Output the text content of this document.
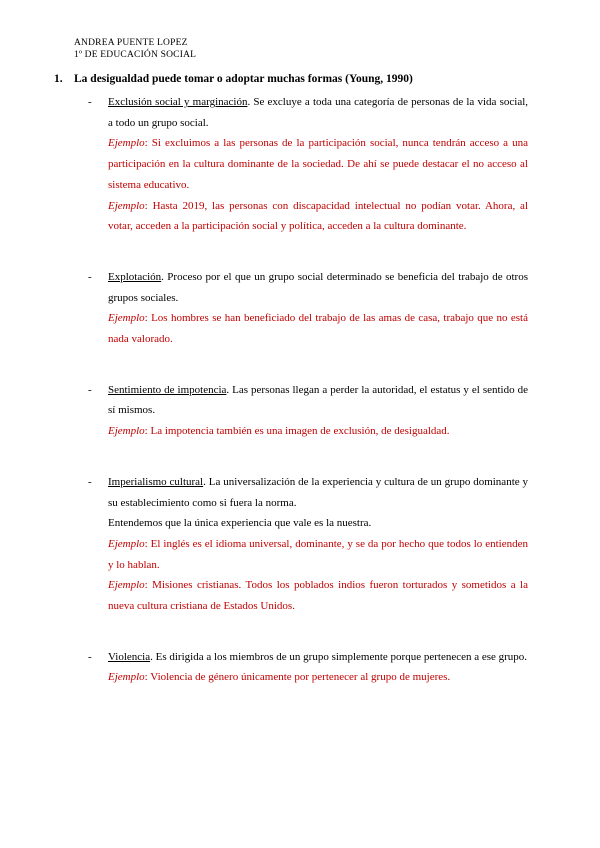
ANDREA PUENTE LOPEZ
1º DE EDUCACIÓN SOCIAL
1. La desigualdad puede tomar o adoptar muchas formas (Young, 1990)
- Exclusión social y marginación. Se excluye a toda una categoría de personas de la vida social, a todo un grupo social.

Ejemplo: Si excluimos a las personas de la participación social, nunca tendrán acceso a una participación en la cultura dominante de la sociedad. De ahí se puede destacar el no acceso al sistema educativo.

Ejemplo: Hasta 2019, las personas con discapacidad intelectual no podían votar. Ahora, al votar, acceden a la participación social y política, acceden a la cultura dominante.

- Explotación. Proceso por el que un grupo social determinado se beneficia del trabajo de otros grupos sociales.

Ejemplo: Los hombres se han beneficiado del trabajo de las amas de casa, trabajo que no está nada valorado.

- Sentimiento de impotencia. Las personas llegan a perder la autoridad, el estatus y el sentido de sí mismos.

Ejemplo: La impotencia también es una imagen de exclusión, de desigualdad.

- Imperialismo cultural. La universalización de la experiencia y cultura de un grupo dominante y su establecimiento como si fuera la norma.

Entendemos que la única experiencia que vale es la nuestra.

Ejemplo: El inglés es el idioma universal, dominante, y se da por hecho que todos lo entienden y lo hablan.

Ejemplo: Misiones cristianas. Todos los poblados indios fueron torturados y sometidos a la nueva cultura cristiana de Estados Unidos.

- Violencia. Es dirigida a los miembros de un grupo simplemente porque pertenecen a ese grupo.

Ejemplo: Violencia de género únicamente por pertenecer al grupo de mujeres.
